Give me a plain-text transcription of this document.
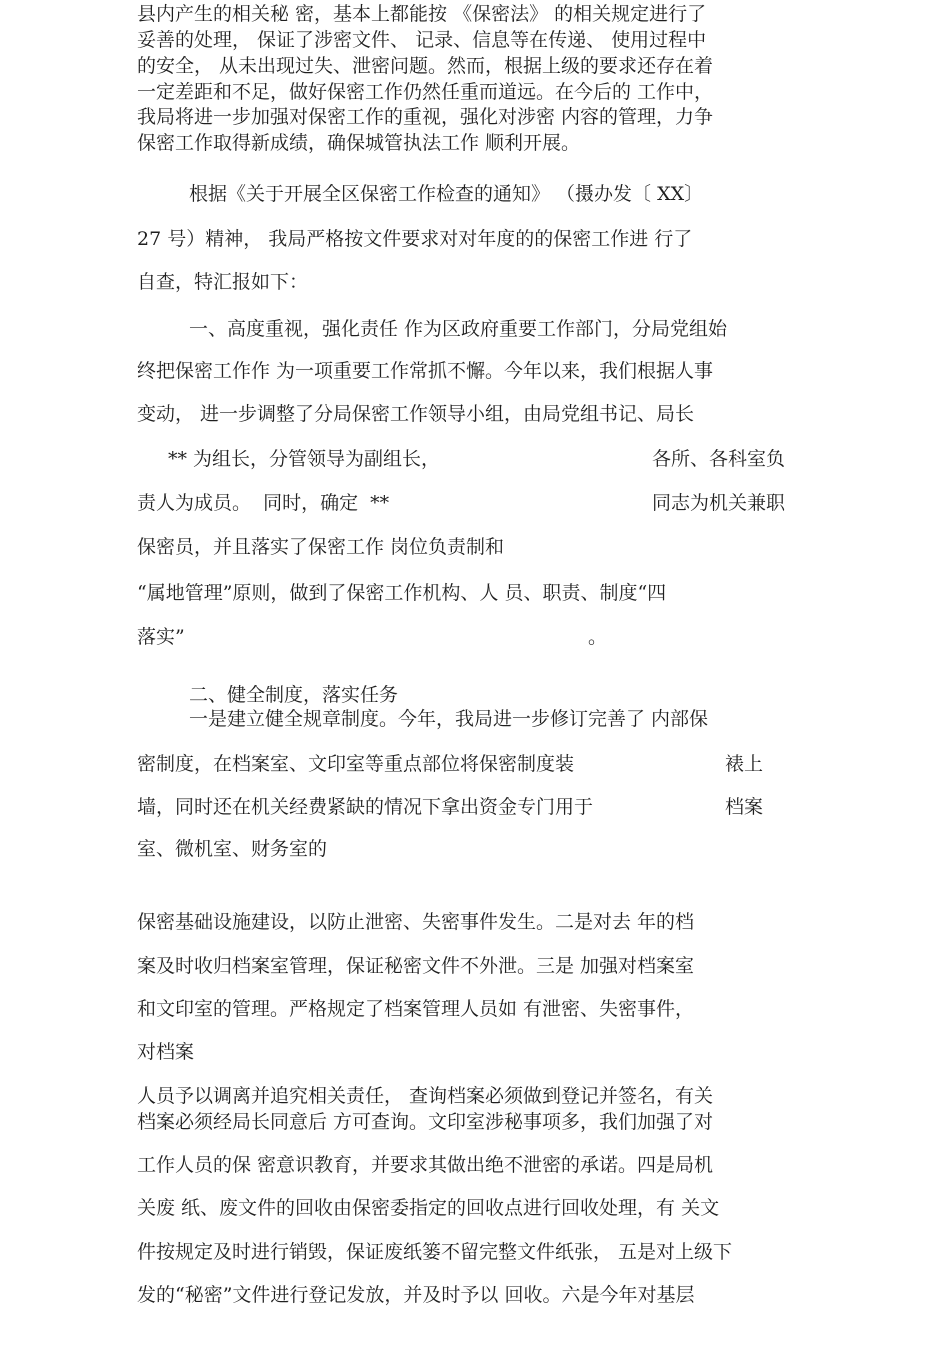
县内产生的相关秘 密，基本上都能按 《保密法》 的相关规定进行了

妥善的处理， 保证了涉密文件、 记录、信息等在传递、 使用过程中

的安全， 从未出现过失、泄密问题。然而，根据上级的要求还存在着

一定差距和不足，做好保密工作仍然任重而道远。在今后的 工作中，

我局将进一步加强对保密工作的重视，强化对涉密 内容的管理，力争

保密工作取得新成绩，确保城管执法工作 顺利开展。

根据《关于开展全区保密工作检查的通知》 （摄办发〔 XX〕

27 号）精神， 我局严格按文件要求对对年度的的保密工作进 行了

自查，特汇报如下：

一、高度重视，强化责任 作为区政府重要工作部门，分局党组始

终把保密工作作 为一项重要工作常抓不懈。今年以来，我们根据人事

变动， 进一步调整了分局保密工作领导小组，由局党组书记、局长

** 为组长，分管领导为副组长，	各所、各科室负

责人为成员。  同时，确定  **	同志为机关兼职

保密员，并且落实了保密工作 岗位负责制和

“属地管理”原则，做到了保密工作机构、人 员、职责、制度“四

落实”	。

二、健全制度，落实任务

一是建立健全规章制度。今年，我局进一步修订完善了 内部保

密制度，在档案室、文印室等重点部位将保密制度装	裱上

墙，同时还在机关经费紧缺的情况下拿出资金专门用于	档案

室、微机室、财务室的

保密基础设施建设，以防止泄密、失密事件发生。二是对去 年的档

案及时收归档案室管理，保证秘密文件不外泄。三是 加强对档案室

和文印室的管理。严格规定了档案管理人员如 有泄密、失密事件，

对档案

人员予以调离并追究相关责任， 查询档案必须做到登记并签名，有关

档案必须经局长同意后 方可查询。文印室涉秘事项多，我们加强了对

工作人员的保 密意识教育，并要求其做出绝不泄密的承诺。四是局机

关废 纸、废文件的回收由保密委指定的回收点进行回收处理，有 关文

件按规定及时进行销毁，保证废纸篓不留完整文件纸张， 五是对上级下

发的“秘密”文件进行登记发放，并及时予以 回收。六是今年对基层
